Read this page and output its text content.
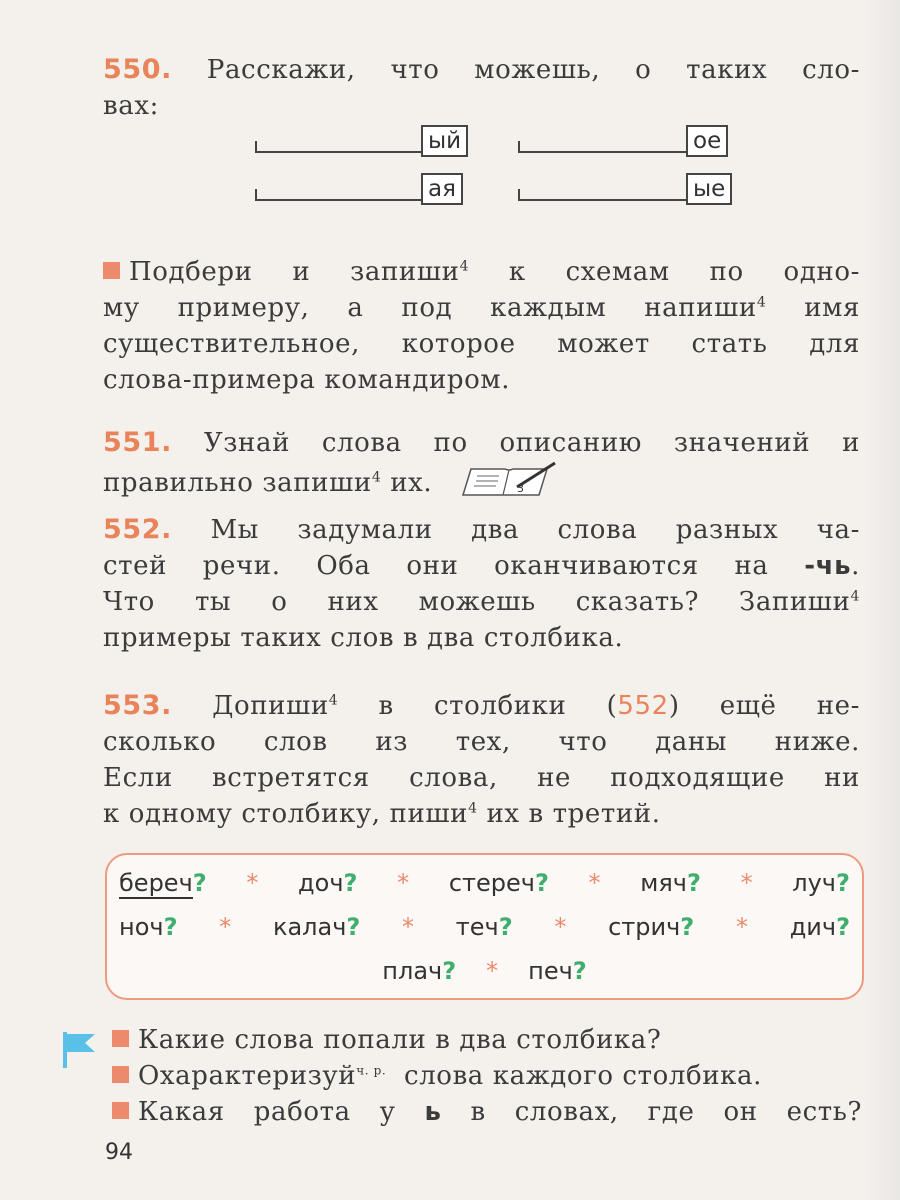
550. Расскажи, что можешь, о таких сло-
вах:
ый	ое
ая	ые
Подбери и запиши$^4$ к схемам по одно-
му примеру, а под каждым напиши$^4$ имя
существительное, которое может стать для
слова-примера командиром.
551. Узнай слова по описанию значений и
правильно запиши$^4$ их.	3
552. Мы задумали два слова разных ча-
стей речи. Оба они оканчиваются на -чь.
Что ты о них можешь сказать? Запиши$^4$
примеры таких слов в два столбика.
553. Допиши$^4$ в столбики (552) ещё не-
сколько слов из тех, что даны ниже.
Если встретятся слова, не подходящие ни
к одному столбику, пиши$^4$ их в третий.
береч? * доч? * стереч? * мяч? * луч?
ноч? * калач? * теч? * стрич? * дич?
плач? * печ?
Какие слова попали в два столбика?
Охарактеризуй$^{ч. р.}$ слова каждого столбика.
Какая работа у ь в словах, где он есть?
94
